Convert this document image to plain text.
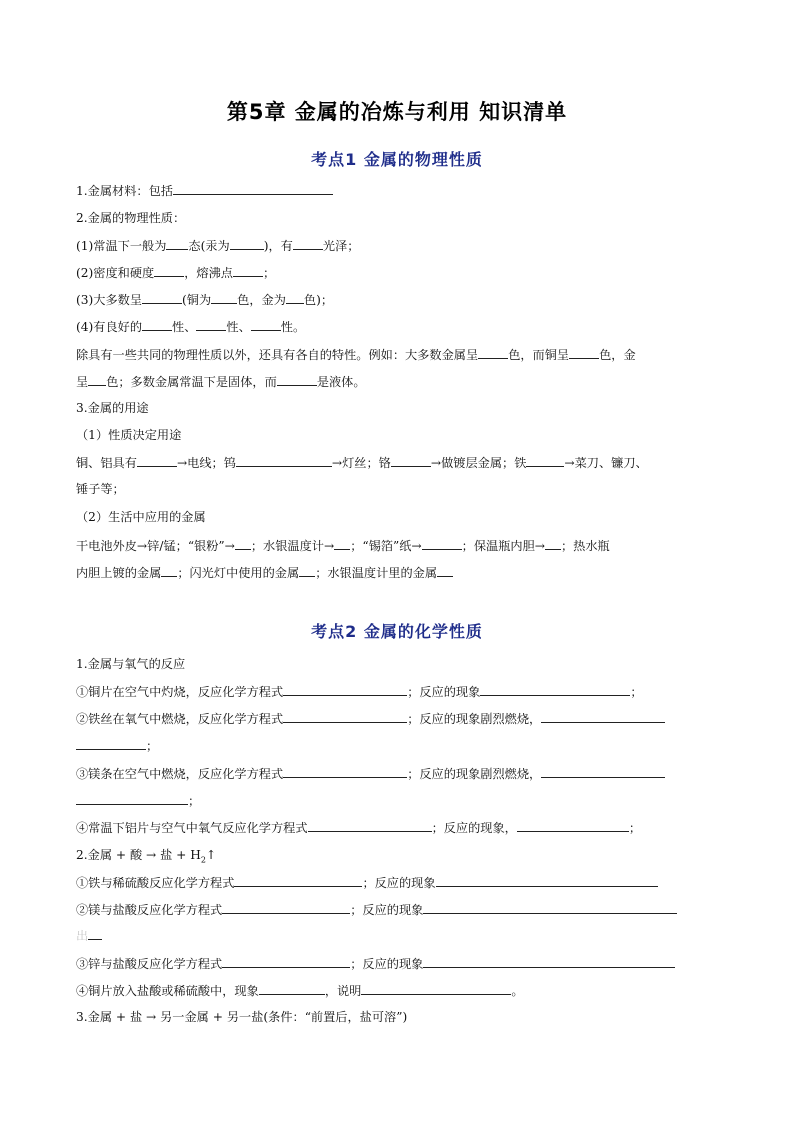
第5章 金属的冶炼与利用 知识清单
考点1 金属的物理性质
1.金属材料：包括
2.金属的物理性质：
(1)常温下一般为 态(汞为	)，有 光泽；
(2)密度和硬度 ，熔沸点 ；
(3)大多数呈	(铜为 色，金为 色)；
(4)有良好的 性、 性、 性。
除具有一些共同的物理性质以外，还具有各自的特性。例如：大多数金属呈 色，而铜呈 色，金
呈 色；多数金属常温下是固体，而	是液体。
3.金属的用途
（1）性质决定用途
铜、铝具有	→电线；钨	→灯丝；铬	→做镀层金属；铁	→菜刀、镰刀、
锤子等；
（2）生活中应用的金属
干电池外皮→锌/锰；“银粉”→ ；水银温度计→ ；“锡箔”纸→	；保温瓶内胆→ ；热水瓶
内胆上镀的金属 ；闪光灯中使用的金属 ；水银温度计里的金属
考点2 金属的化学性质
1.金属与氧气的反应
①铜片在空气中灼烧，反应化学方程式	；反应的现象	；
②铁丝在氧气中燃烧，反应化学方程式	；反应的现象剧烈燃烧，
；
③镁条在空气中燃烧，反应化学方程式	；反应的现象剧烈燃烧，
；
④常温下铝片与空气中氧气反应化学方程式	；反应的现象，	；
2.金属 + 酸 → 盐 + $H_2↑$
①铁与稀硫酸反应化学方程式	；反应的现象
②镁与盐酸反应化学方程式	；反应的现象
出
③锌与盐酸反应化学方程式	；反应的现象
④铜片放入盐酸或稀硫酸中，现象	，说明	。
3.金属 + 盐 → 另一金属 + 另一盐(条件：“前置后，盐可溶”)
